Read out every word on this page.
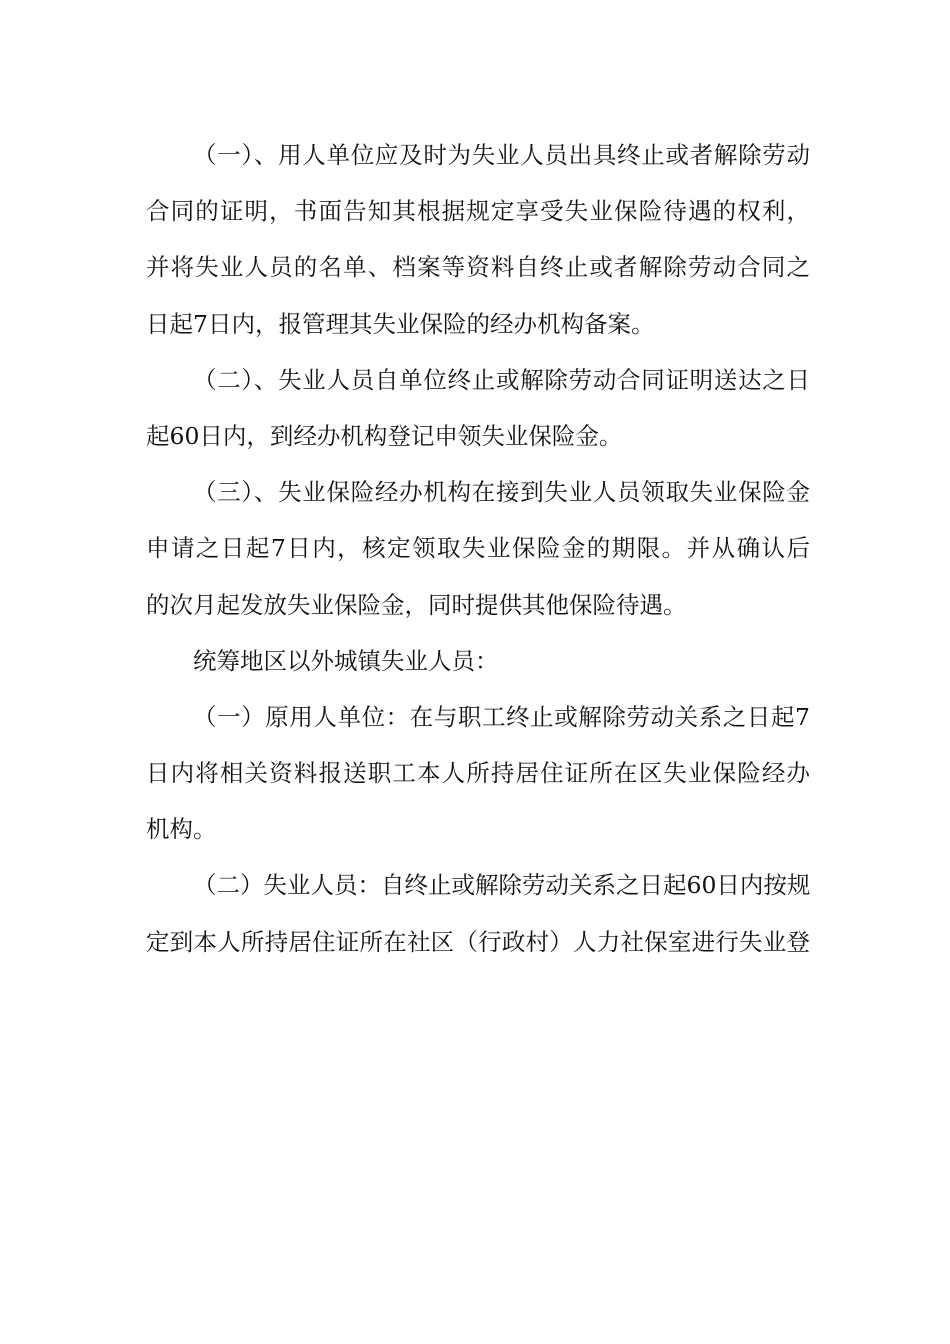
（一）、用人单位应及时为失业人员出具终止或者解除劳动
合同的证明，书面告知其根据规定享受失业保险待遇的权利，
并将失业人员的名单、档案等资料自终止或者解除劳动合同之
日起7日内，报管理其失业保险的经办机构备案。
（二）、失业人员自单位终止或解除劳动合同证明送达之日
起60日内，到经办机构登记申领失业保险金。
（三）、失业保险经办机构在接到失业人员领取失业保险金
申请之日起7日内，核定领取失业保险金的期限。并从确认后
的次月起发放失业保险金，同时提供其他保险待遇。
统筹地区以外城镇失业人员：
（一）原用人单位：在与职工终止或解除劳动关系之日起7
日内将相关资料报送职工本人所持居住证所在区失业保险经办
机构。
（二）失业人员：自终止或解除劳动关系之日起60日内按规
定到本人所持居住证所在社区（行政村）人力社保室进行失业登
